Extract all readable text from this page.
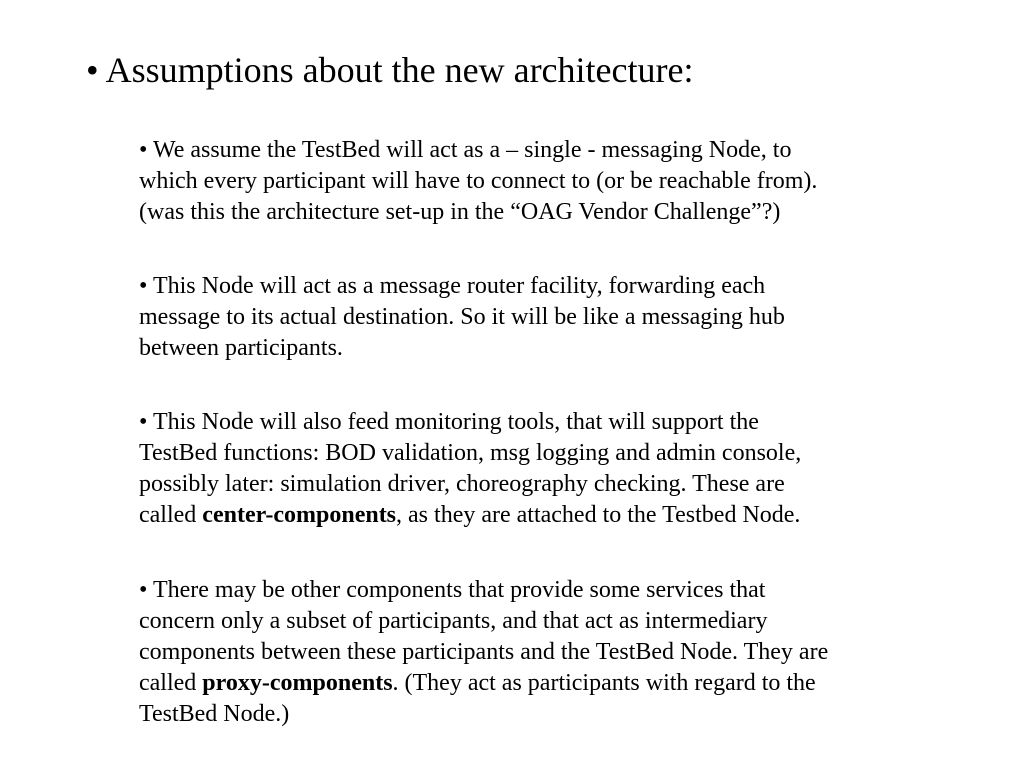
• Assumptions about the new architecture:
• We assume the TestBed will act as a – single - messaging Node, to
which every participant will have to connect to (or be reachable from).
(was this the architecture set-up in the “OAG Vendor Challenge”?)
• This Node will act as a message router facility, forwarding each
message to its actual destination. So it will be like a messaging hub
between participants.
• This Node will also feed monitoring tools, that will support the
TestBed functions: BOD validation, msg logging and admin console,
possibly later: simulation driver, choreography checking. These are
called center-components, as they are attached to the Testbed Node.
• There may be other components that provide some services that
concern only a subset of participants, and that act as intermediary
components between these participants and the TestBed Node. They are
called proxy-components. (They act as participants with regard to the
TestBed Node.)
